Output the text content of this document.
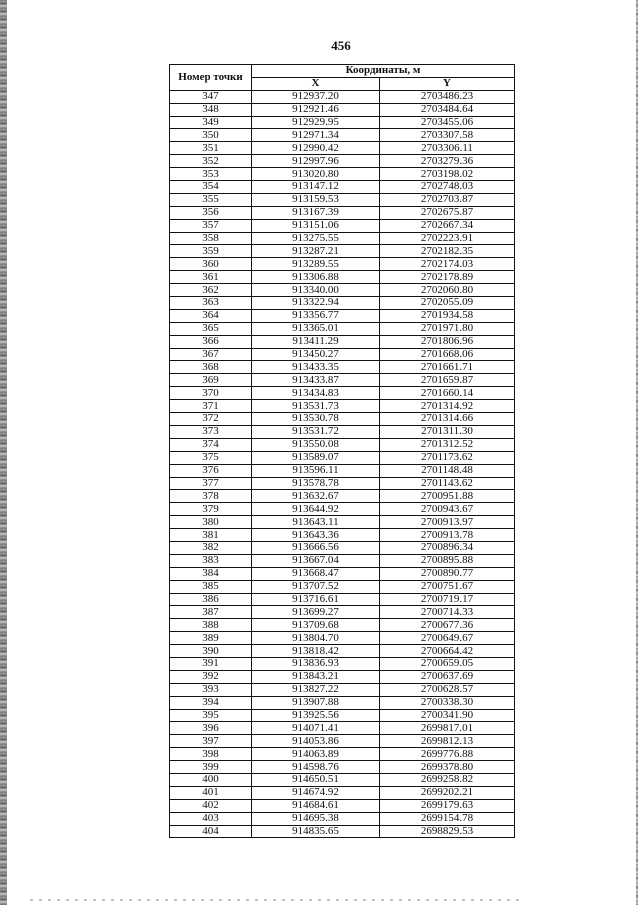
456
Номер точки	Координаты, м	
	X	Y
347	912937.20	2703486.23
348	912921.46	2703484.64
349	912929.95	2703455.06
350	912971.34	2703307.58
351	912990.42	2703306.11
352	912997.96	2703279.36
353	913020.80	2703198.02
354	913147.12	2702748.03
355	913159.53	2702703.87
356	913167.39	2702675.87
357	913151.06	2702667.34
358	913275.55	2702223.91
359	913287.21	2702182.35
360	913289.55	2702174.03
361	913306.88	2702178.89
362	913340.00	2702060.80
363	913322.94	2702055.09
364	913356.77	2701934.58
365	913365.01	2701971.80
366	913411.29	2701806.96
367	913450.27	2701668.06
368	913433.35	2701661.71
369	913433.87	2701659.87
370	913434.83	2701660.14
371	913531.73	2701314.92
372	913530.78	2701314.66
373	913531.72	2701311.30
374	913550.08	2701312.52
375	913589.07	2701173.62
376	913596.11	2701148.48
377	913578.78	2701143.62
378	913632.67	2700951.88
379	913644.92	2700943.67
380	913643.11	2700913.97
381	913643.36	2700913.78
382	913666.56	2700896.34
383	913667.04	2700895.88
384	913668.47	2700890.77
385	913707.52	2700751.67
386	913716.61	2700719.17
387	913699.27	2700714.33
388	913709.68	2700677.36
389	913804.70	2700649.67
390	913818.42	2700664.42
391	913836.93	2700659.05
392	913843.21	2700637.69
393	913827.22	2700628.57
394	913907.88	2700338.30
395	913925.56	2700341.90
396	914071.41	2699817.01
397	914053.86	2699812.13
398	914063.89	2699776.88
399	914598.76	2699378.80
400	914650.51	2699258.82
401	914674.92	2699202.21
402	914684.61	2699179.63
403	914695.38	2699154.78
404	914835.65	2698829.53
